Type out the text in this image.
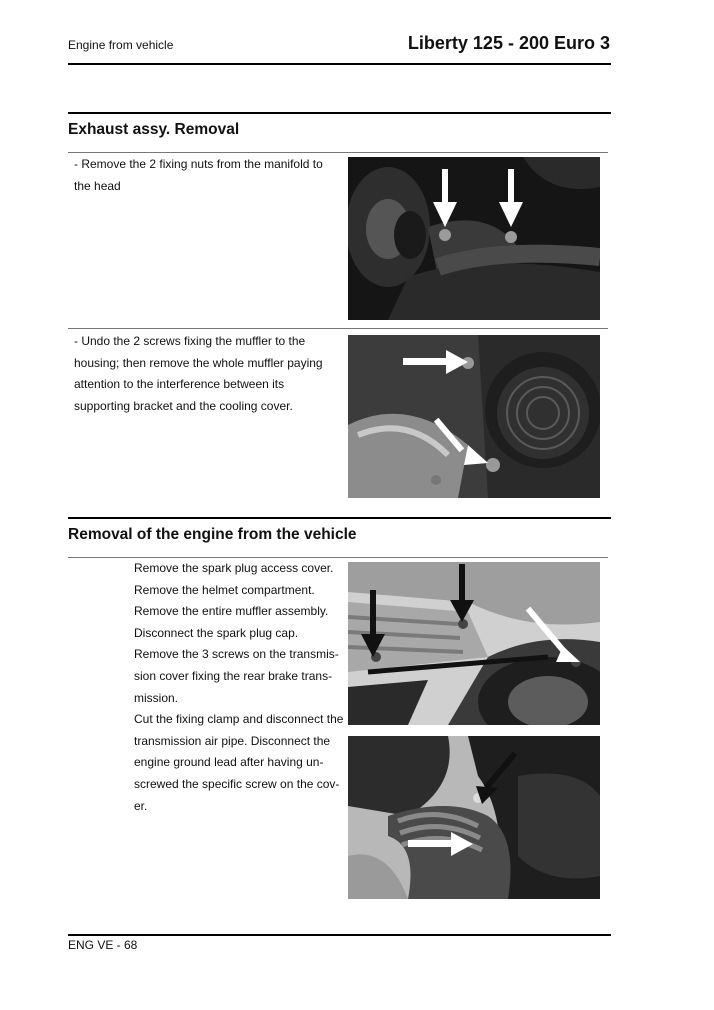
Engine from vehicle	Liberty 125 - 200 Euro 3
Exhaust assy. Removal

- Remove the 2 fixing nuts from the manifold to the head

- Undo the 2 screws fixing the muffler to the housing; then remove the whole muffler paying attention to the interference between its supporting bracket and the cooling cover.

Removal of the engine from the vehicle
Remove the spark plug access cover.
Remove the helmet compartment.
Remove the entire muffler assembly.
Disconnect the spark plug cap.
Remove the 3 screws on the transmis-
sion cover fixing the rear brake trans-
mission.
Cut the fixing clamp and disconnect the
transmission air pipe. Disconnect the
engine ground lead after having un-
screwed the specific screw on the cov-
er.
ENG VE - 68
